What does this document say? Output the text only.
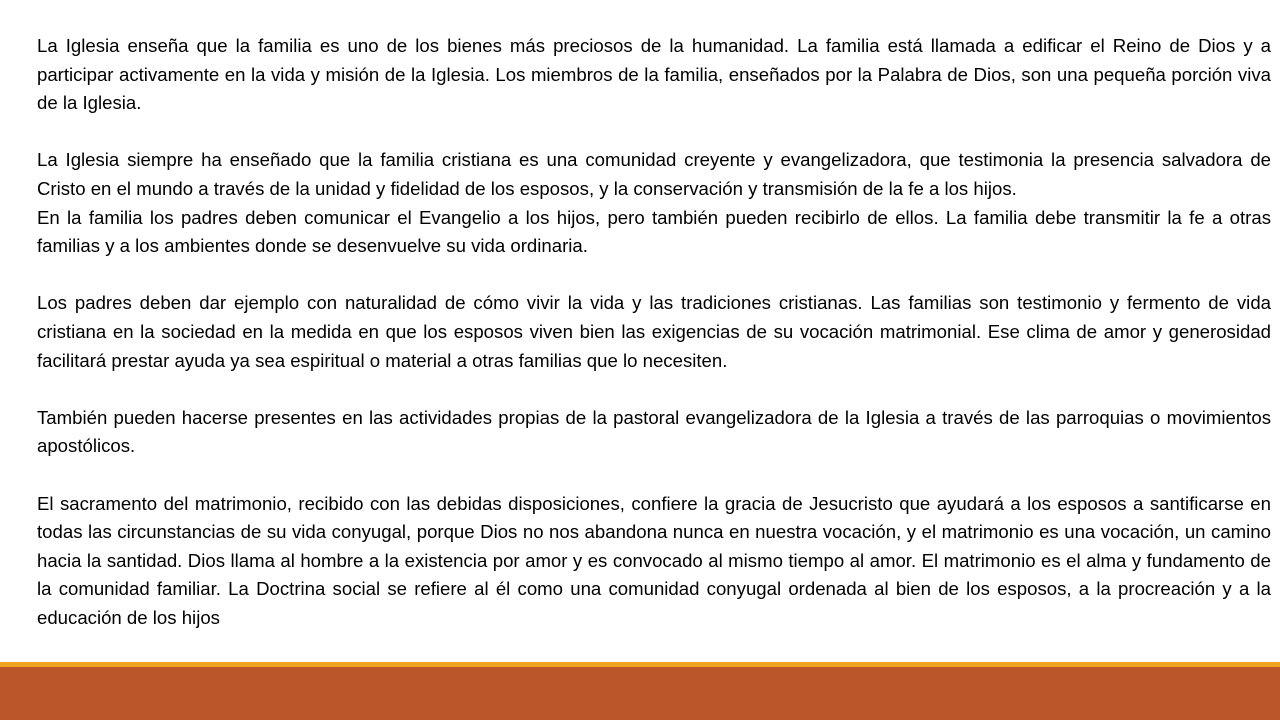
La Iglesia enseña que la familia es uno de los bienes más preciosos de la humanidad. La familia está llamada a edificar el Reino de Dios y a participar activamente en la vida y misión de la Iglesia. Los miembros de la familia, enseñados por la Palabra de Dios, son una pequeña porción viva de la Iglesia.

La Iglesia siempre ha enseñado que la familia cristiana es una comunidad creyente y evangelizadora, que testimonia la presencia salvadora de Cristo en el mundo a través de la unidad y fidelidad de los esposos, y la conservación y transmisión de la fe a los hijos.

En la familia los padres deben comunicar el Evangelio a los hijos, pero también pueden recibirlo de ellos. La familia debe transmitir la fe a otras familias y a los ambientes donde se desenvuelve su vida ordinaria.

Los padres deben dar ejemplo con naturalidad de cómo vivir la vida y las tradiciones cristianas. Las familias son testimonio y fermento de vida cristiana en la sociedad en la medida en que los esposos viven bien las exigencias de su vocación matrimonial. Ese clima de amor y generosidad facilitará prestar ayuda ya sea espiritual o material a otras familias que lo necesiten.

También pueden hacerse presentes en las actividades propias de la pastoral evangelizadora de la Iglesia a través de las parroquias o movimientos apostólicos.

El sacramento del matrimonio, recibido con las debidas disposiciones, confiere la gracia de Jesucristo que ayudará a los esposos a santificarse en todas las circunstancias de su vida conyugal, porque Dios no nos abandona nunca en nuestra vocación, y el matrimonio es una vocación, un camino hacia la santidad. Dios llama al hombre a la existencia por amor y es convocado al mismo tiempo al amor. El matrimonio es el alma y fundamento de la comunidad familiar. La Doctrina social se refiere al él como una comunidad conyugal ordenada al bien de los esposos, a la procreación y a la educación de los hijos
